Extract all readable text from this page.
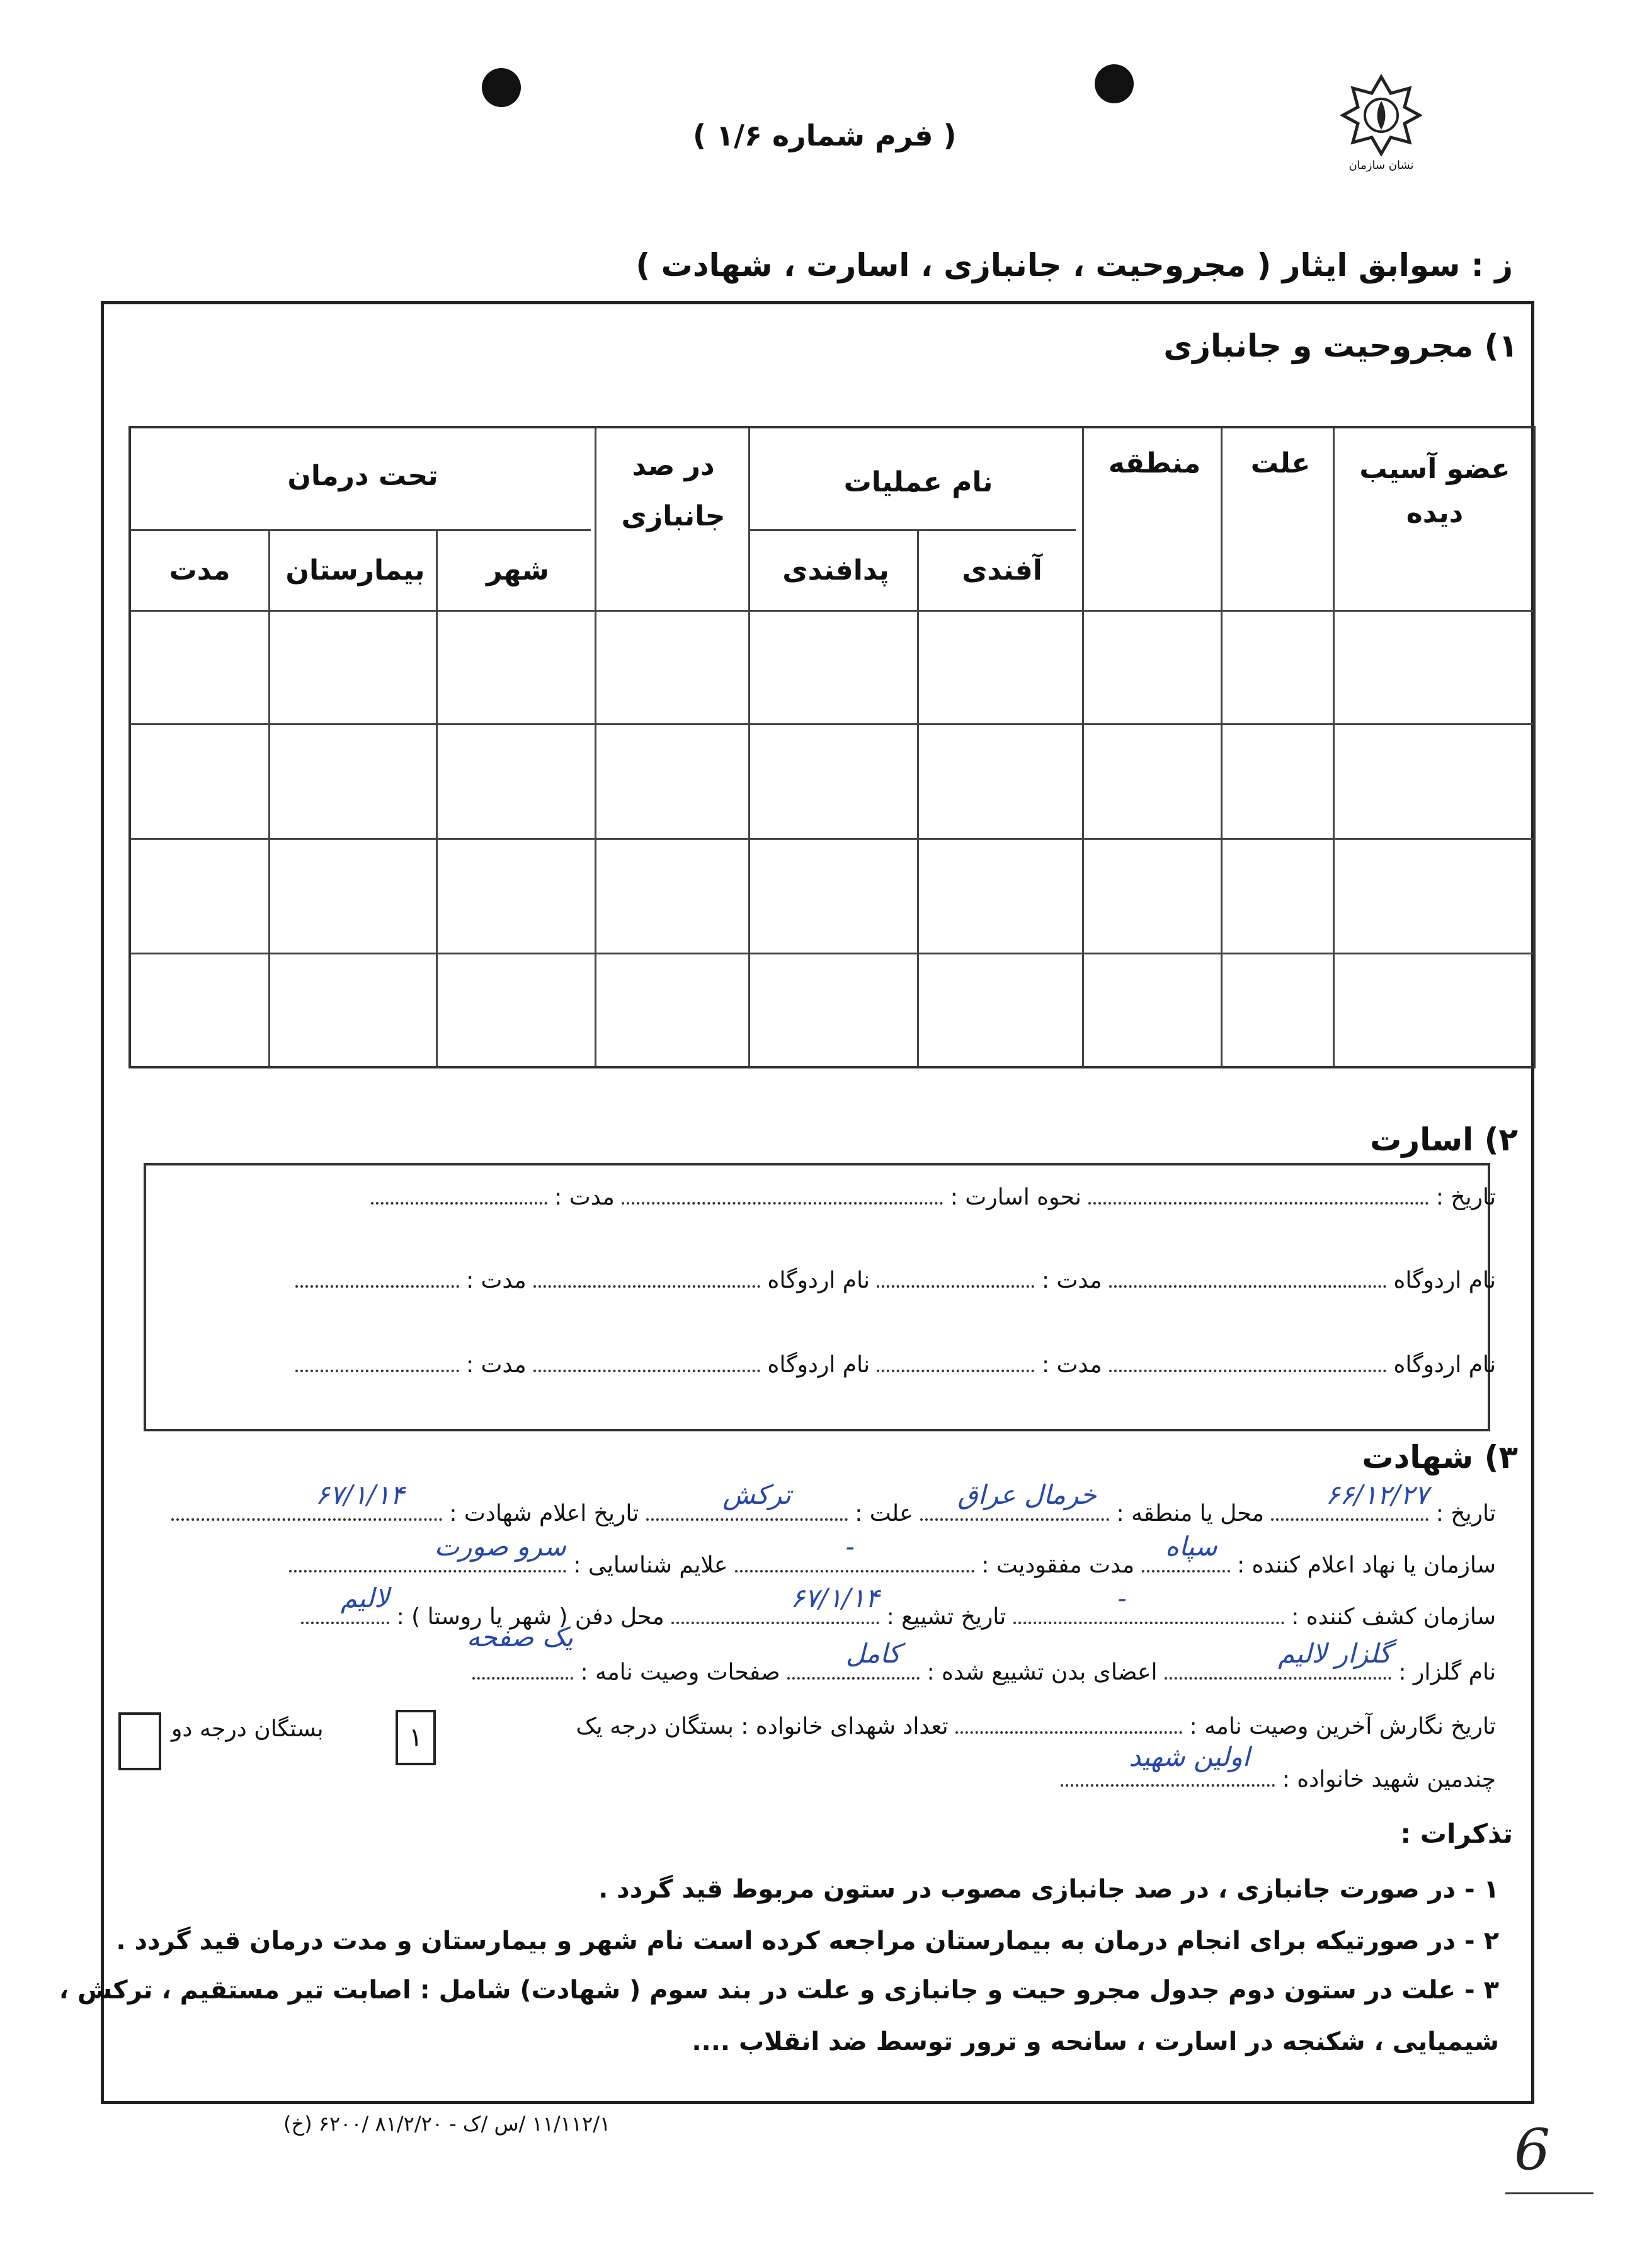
نشان سازمان
( فرم شماره ۱/۶ )
ز : سوابق ایثار ( مجروحیت ، جانبازی ، اسارت ، شهادت )
۱) مجروحیت و جانبازی
عضو آسیب دیده
علت
منطقه
نام عملیات
آفندی
پدافندی
در صد جانبازی
تحت درمان
شهر
بیمارستان
مدت
۲) اسارت
تاریخ :  نحوه اسارت :  مدت :
نام اردوگاه  مدت :  نام اردوگاه  مدت :
نام اردوگاه  مدت :  نام اردوگاه  مدت :
۳) شهادت
تاریخ :
۶۶/۱۲/۲۷
محل یا منطقه :
خرمال عراق
علت :
ترکش
تاریخ اعلام شهادت :
۶۷/۱/۱۴
سازمان یا نهاد اعلام کننده :
سپاه
مدت مفقودیت :
-
علایم شناسایی :
سرو صورت
سازمان کشف کننده :
-
تاریخ تشییع :
۶۷/۱/۱۴
محل دفن ( شهر یا روستا ) :
لالیم
نام گلزار :
گلزار لالیم
اعضای بدن تشییع شده :
کامل
صفحات وصیت نامه :
یک صفحه
تاریخ نگارش آخرین وصیت نامه :  تعداد شهدای خانواده : بستگان درجه یک
۱
بستگان درجه دو
چندمین شهید خانواده :
اولین شهید
تذکرات :
۱ - در صورت جانبازی ، در صد جانبازی مصوب در ستون مربوط قید گردد .
۲ - در صورتیکه برای انجام درمان به بیمارستان مراجعه کرده است نام شهر و بیمارستان و مدت درمان قید گردد .
۳ - علت در ستون دوم جدول مجرو حیت و جانبازی و علت در بند سوم ( شهادت) شامل : اصابت تیر مستقیم ، ترکش ،
شیمیایی ، شکنجه در اسارت ، سانحه و ترور توسط ضد انقلاب ....
۱۱/۱۱۲/۱ /س /ک - ۸۱/۲/۲۰ /۶۲۰۰ (خ)	6
